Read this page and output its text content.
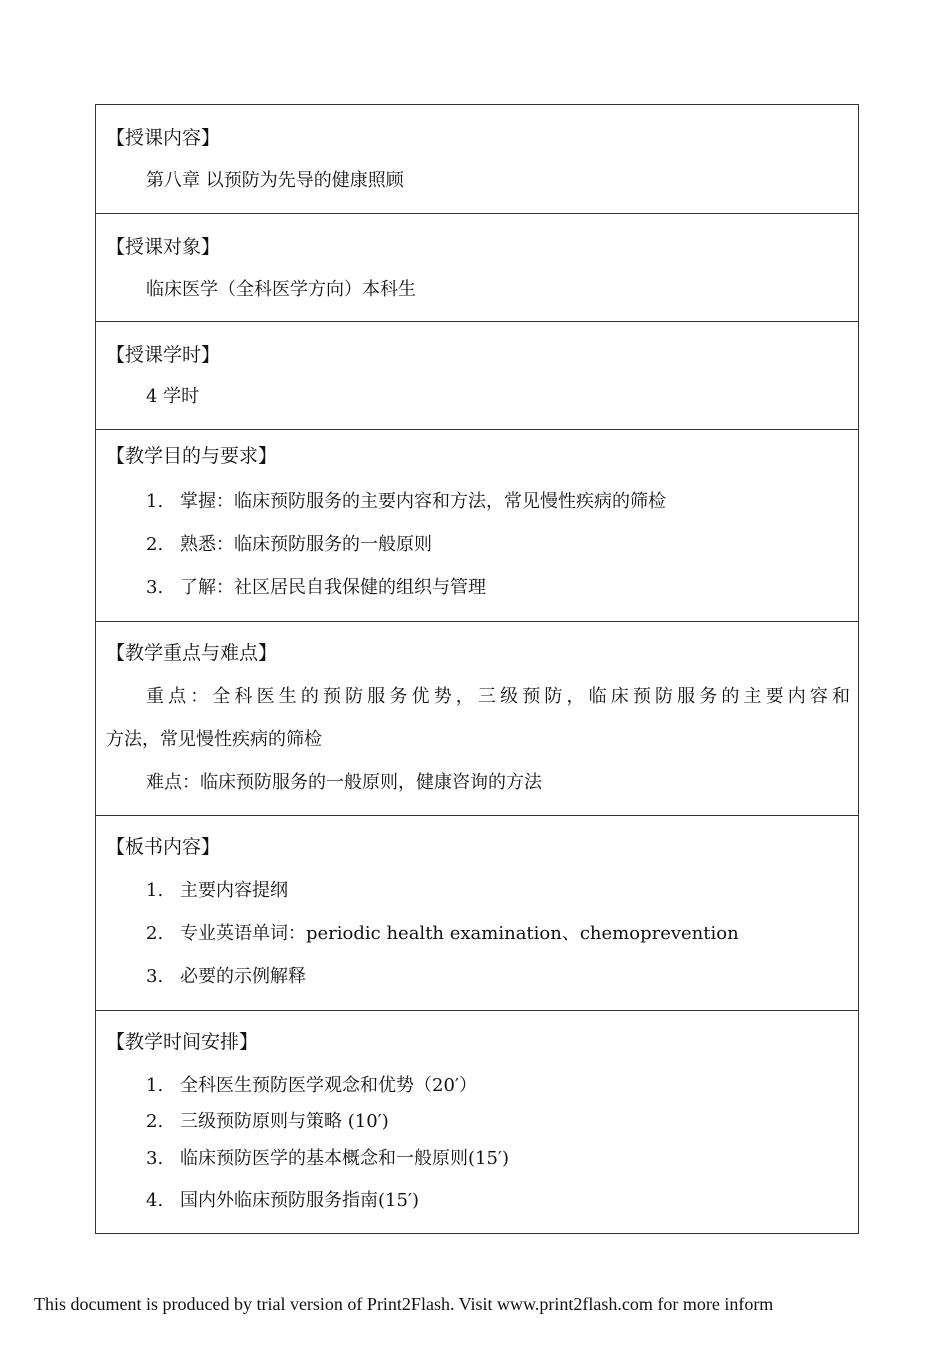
【授课内容】
第八章 以预防为先导的健康照顾
【授课对象】
临床医学（全科医学方向）本科生
【授课学时】
4 学时
【教学目的与要求】
1. 掌握：临床预防服务的主要内容和方法，常见慢性疾病的筛检
2. 熟悉：临床预防服务的一般原则
3. 了解：社区居民自我保健的组织与管理
【教学重点与难点】
重点：全科医生的预防服务优势，三级预防，临床预防服务的主要内容和
方法，常见慢性疾病的筛检
难点：临床预防服务的一般原则，健康咨询的方法
【板书内容】
1. 主要内容提纲
2. 专业英语单词：periodic health examination、chemoprevention
3. 必要的示例解释
【教学时间安排】
1. 全科医生预防医学观念和优势（20′）
2. 三级预防原则与策略 (10′)
3. 临床预防医学的基本概念和一般原则(15′)
4. 国内外临床预防服务指南(15′)
This document is produced by trial version of Print2Flash. Visit www.print2flash.com for more inform
